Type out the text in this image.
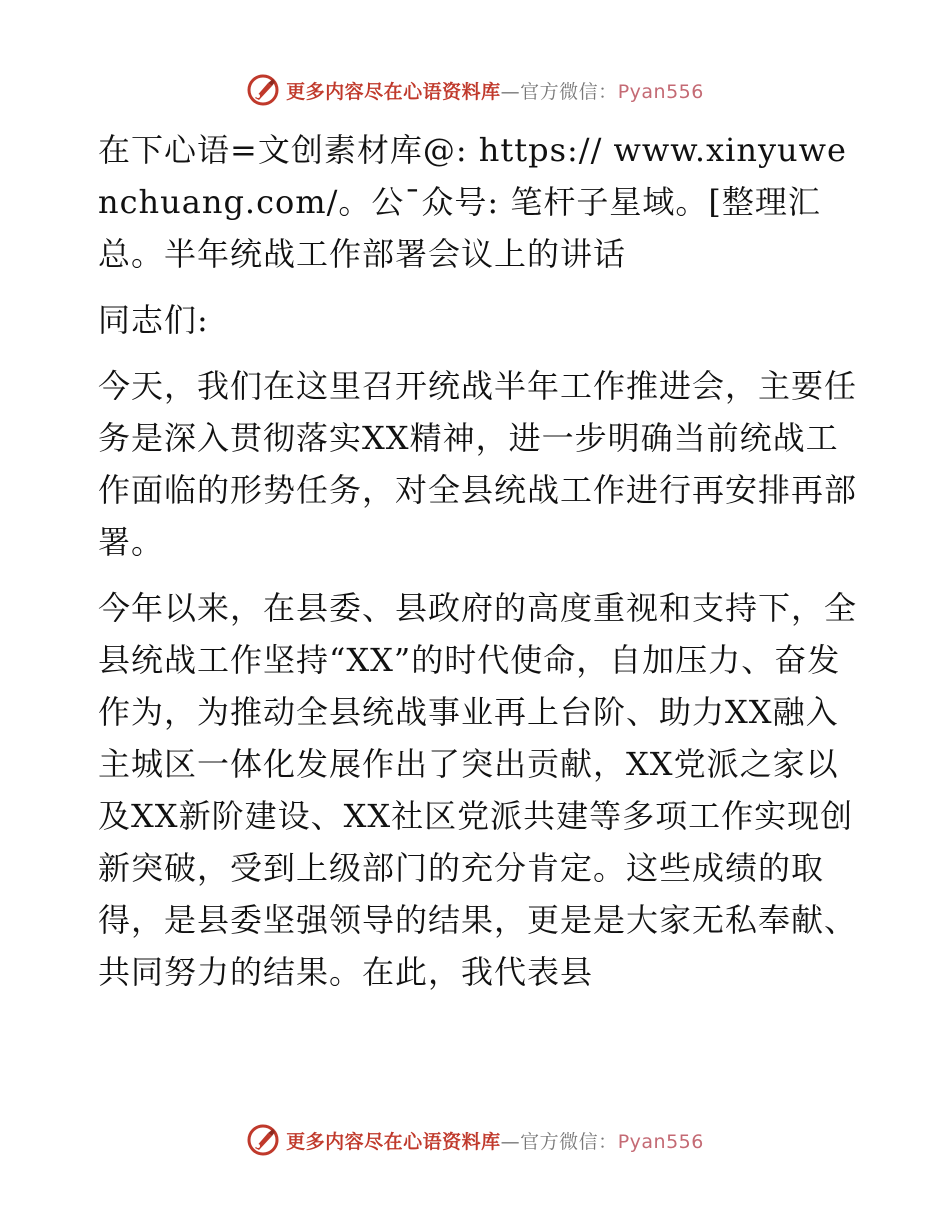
更多内容尽在心语资料库—官方微信：Pyan556

在下心语=文创素材库@: https:// www.xinyuwenchuang.com/。公¯众号: 笔杆子星域。[整理汇总。半年统战工作部署会议上的讲话

同志们:

今天，我们在这里召开统战半年工作推进会，主要任务是深入贯彻落实XX精神，进一步明确当前统战工作面临的形势任务，对全县统战工作进行再安排再部署。

今年以来，在县委、县政府的高度重视和支持下，全县统战工作坚持“XX”的时代使命，自加压力、奋发作为，为推动全县统战事业再上台阶、助力XX融入主城区一体化发展作出了突出贡献，XX党派之家以及XX新阶建设、XX社区党派共建等多项工作实现创新突破，受到上级部门的充分肯定。这些成绩的取得，是县委坚强领导的结果，更是是大家无私奉献、共同努力的结果。在此，我代表县

更多内容尽在心语资料库—官方微信：Pyan556
